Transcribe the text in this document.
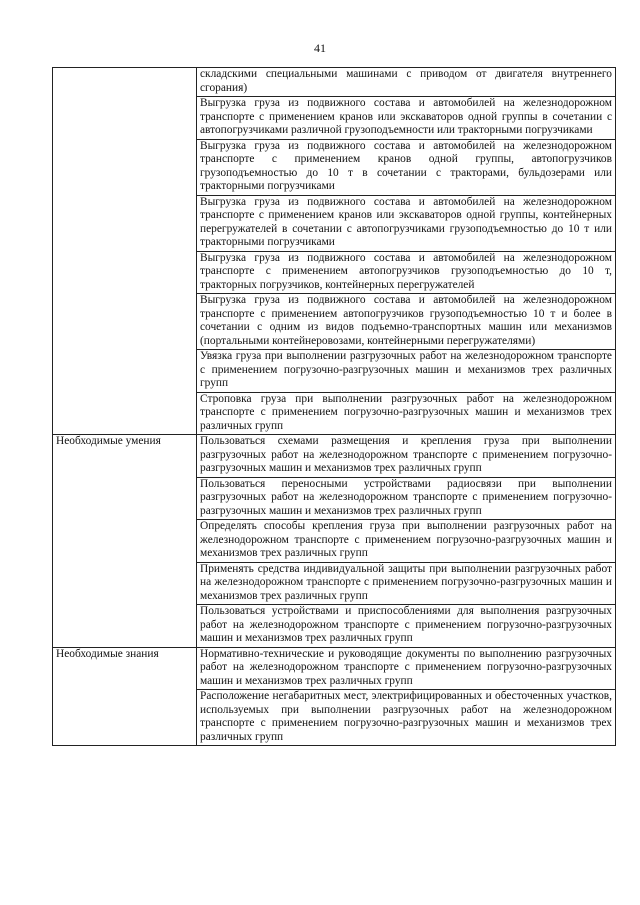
41
	складскими специальными машинами с приводом от двигателя внутреннего сгорания)
	Выгрузка груза из подвижного состава и автомобилей на железнодорожном транспорте с применением кранов или экскаваторов одной группы в сочетании с автопогрузчиками различной грузоподъемности или тракторными погрузчиками
	Выгрузка груза из подвижного состава и автомобилей на железнодорожном транспорте с применением кранов одной группы, автопогрузчиков грузоподъемностью до 10 т в сочетании с тракторами, бульдозерами или тракторными погрузчиками
	Выгрузка груза из подвижного состава и автомобилей на железнодорожном транспорте с применением кранов или экскаваторов одной группы, контейнерных перегружателей в сочетании с автопогрузчиками грузоподъемностью до 10 т или тракторными погрузчиками
	Выгрузка груза из подвижного состава и автомобилей на железнодорожном транспорте с применением автопогрузчиков грузоподъемностью до 10 т, тракторных погрузчиков, контейнерных перегружателей
	Выгрузка груза из подвижного состава и автомобилей на железнодорожном транспорте с применением автопогрузчиков грузоподъемностью 10 т и более в сочетании с одним из видов подъемно-транспортных машин или механизмов (портальными контейнеровозами, контейнерными перегружателями)
	Увязка груза при выполнении разгрузочных работ на железнодорожном транспорте с применением погрузочно-разгрузочных машин и механизмов трех различных групп
	Строповка груза при выполнении разгрузочных работ на железнодорожном транспорте с применением погрузочно-разгрузочных машин и механизмов трех различных групп
Необходимые умения	Пользоваться схемами размещения и крепления груза при выполнении разгрузочных работ на железнодорожном транспорте с применением погрузочно-разгрузочных машин и механизмов трех различных групп
	Пользоваться переносными устройствами радиосвязи при выполнении разгрузочных работ на железнодорожном транспорте с применением погрузочно-разгрузочных машин и механизмов трех различных групп
	Определять способы крепления груза при выполнении разгрузочных работ на железнодорожном транспорте с применением погрузочно-разгрузочных машин и механизмов трех различных групп
	Применять средства индивидуальной защиты при выполнении разгрузочных работ на железнодорожном транспорте с применением погрузочно-разгрузочных машин и механизмов трех различных групп
	Пользоваться устройствами и приспособлениями для выполнения разгрузочных работ на железнодорожном транспорте с применением погрузочно-разгрузочных машин и механизмов трех различных групп
Необходимые знания	Нормативно-технические и руководящие документы по выполнению разгрузочных работ на железнодорожном транспорте с применением погрузочно-разгрузочных машин и механизмов трех различных групп
	Расположение негабаритных мест, электрифицированных и обесточенных участков, используемых при выполнении разгрузочных работ на железнодорожном транспорте с применением погрузочно-разгрузочных машин и механизмов трех различных групп
